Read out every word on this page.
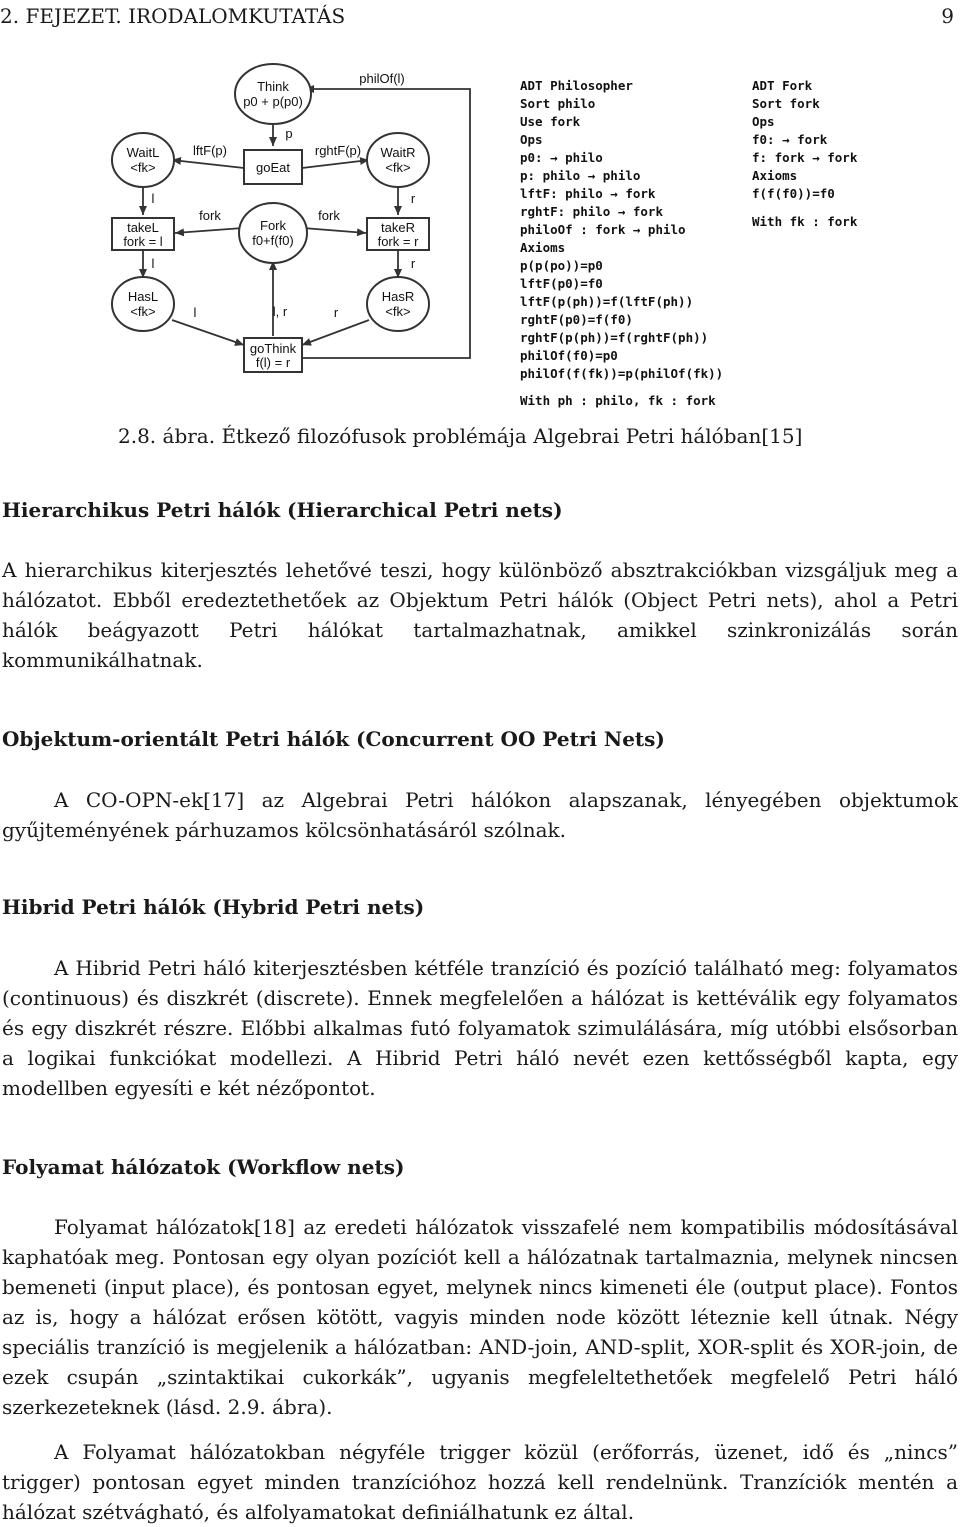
2. FEJEZET. IRODALOMKUTATÁS	9
Think
p0 + p(p0)
goEat
WaitL
<fk>
WaitR
<fk>
takeL
fork = l
takeR
fork = r
Fork
f0+f(f0)
HasL
<fk>
HasR
<fk>
goThink
f(l) = r
philOf(l)
p
lftF(p)	rghtF(p)
l
l
l
r
r
r
fork	fork
l, r
ADT Philosopher
Sort philo
Use fork
Ops
p0: → philo
p: philo → philo
lftF: philo → fork
rghtF: philo → fork
philoOf : fork → philo
Axioms
p(p(po))=p0
lftF(p0)=f0
lftF(p(ph))=f(lftF(ph))
rghtF(p0)=f(f0)
rghtF(p(ph))=f(rghtF(ph))
philOf(f0)=p0
philOf(f(fk))=p(philOf(fk))
With ph : philo, fk : fork
ADT Fork
Sort fork
Ops
f0: → fork
f: fork → fork
Axioms
f(f(f0))=f0
With fk : fork
2.8. ábra. Étkező filozófusok problémája Algebrai Petri hálóban[15]
Hierarchikus Petri hálók (Hierarchical Petri nets)

A hierarchikus kiterjesztés lehetővé teszi, hogy különböző absztrakciókban vizsgáljuk meg a hálózatot. Ebből eredeztethetőek az Objektum Petri hálók (Object Petri nets), ahol a Petri hálók beágyazott Petri hálókat tartalmazhatnak, amikkel szinkronizálás során kommunikálhatnak.

Objektum-orientált Petri hálók (Concurrent OO Petri Nets)

A CO-OPN-ek[17] az Algebrai Petri hálókon alapszanak, lényegében objektumok gyűjteményének párhuzamos kölcsönhatásáról szólnak.

Hibrid Petri hálók (Hybrid Petri nets)

A Hibrid Petri háló kiterjesztésben kétféle tranzíció és pozíció található meg: folyamatos (continuous) és diszkrét (discrete). Ennek megfelelően a hálózat is kettéválik egy folyamatos és egy diszkrét részre. Előbbi alkalmas futó folyamatok szimulálására, míg utóbbi elsősorban a logikai funkciókat modellezi. A Hibrid Petri háló nevét ezen kettősségből kapta, egy modellben egyesíti e két nézőpontot.

Folyamat hálózatok (Workflow nets)

Folyamat hálózatok[18] az eredeti hálózatok visszafelé nem kompatibilis módosításával kaphatóak meg. Pontosan egy olyan pozíciót kell a hálózatnak tartalmaznia, melynek nincsen bemeneti (input place), és pontosan egyet, melynek nincs kimeneti éle (output place). Fontos az is, hogy a hálózat erősen kötött, vagyis minden node között léteznie kell útnak. Négy speciális tranzíció is megjelenik a hálózatban: AND-join, AND-split, XOR-split és XOR-join, de ezek csupán „szintaktikai cukorkák”, ugyanis megfeleltethetőek megfelelő Petri háló szerkezeteknek (lásd. 2.9. ábra).

A Folyamat hálózatokban négyféle trigger közül (erőforrás, üzenet, idő és „nincs” trigger) pontosan egyet minden tranzícióhoz hozzá kell rendelnünk. Tranzíciók mentén a hálózat szétvágható, és alfolyamatokat definiálhatunk ez által.
